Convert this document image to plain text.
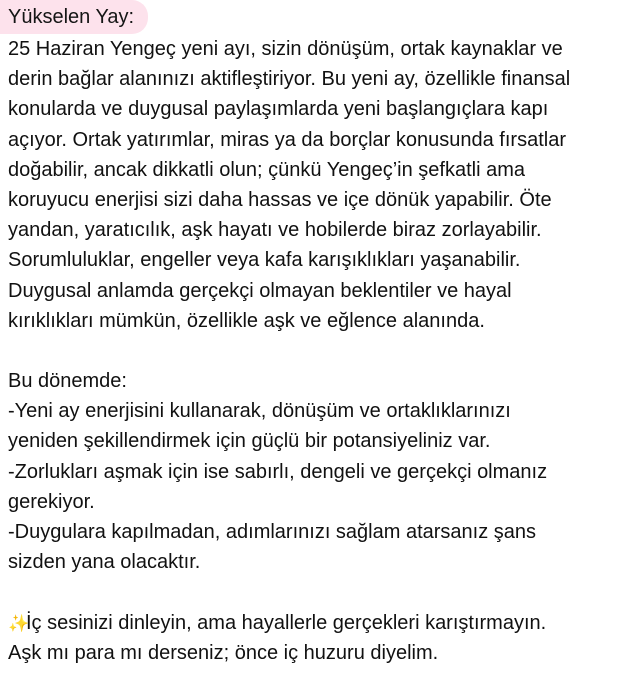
Yükselen Yay:
25 Haziran Yengeç yeni ayı, sizin dönüşüm, ortak kaynaklar ve
derin bağlar alanınızı aktifleştiriyor. Bu yeni ay, özellikle finansal
konularda ve duygusal paylaşımlarda yeni başlangıçlara kapı
açıyor. Ortak yatırımlar, miras ya da borçlar konusunda fırsatlar
doğabilir, ancak dikkatli olun; çünkü Yengeç’in şefkatli ama
koruyucu enerjisi sizi daha hassas ve içe dönük yapabilir. Öte
yandan, yaratıcılık, aşk hayatı ve hobilerde biraz zorlayabilir.
Sorumluluklar, engeller veya kafa karışıklıkları yaşanabilir.
Duygusal anlamda gerçekçi olmayan beklentiler ve hayal
kırıklıkları mümkün, özellikle aşk ve eğlence alanında.
Bu dönemde:
-Yeni ay enerjisini kullanarak, dönüşüm ve ortaklıklarınızı
yeniden şekillendirmek için güçlü bir potansiyeliniz var.
-Zorlukları aşmak için ise sabırlı, dengeli ve gerçekçi olmanız
gerekiyor.
-Duygulara kapılmadan, adımlarınızı sağlam atarsanız şans
sizden yana olacaktır.
✨İç sesinizi dinleyin, ama hayallerle gerçekleri karıştırmayın.
Aşk mı para mı derseniz; önce iç huzuru diyelim.
